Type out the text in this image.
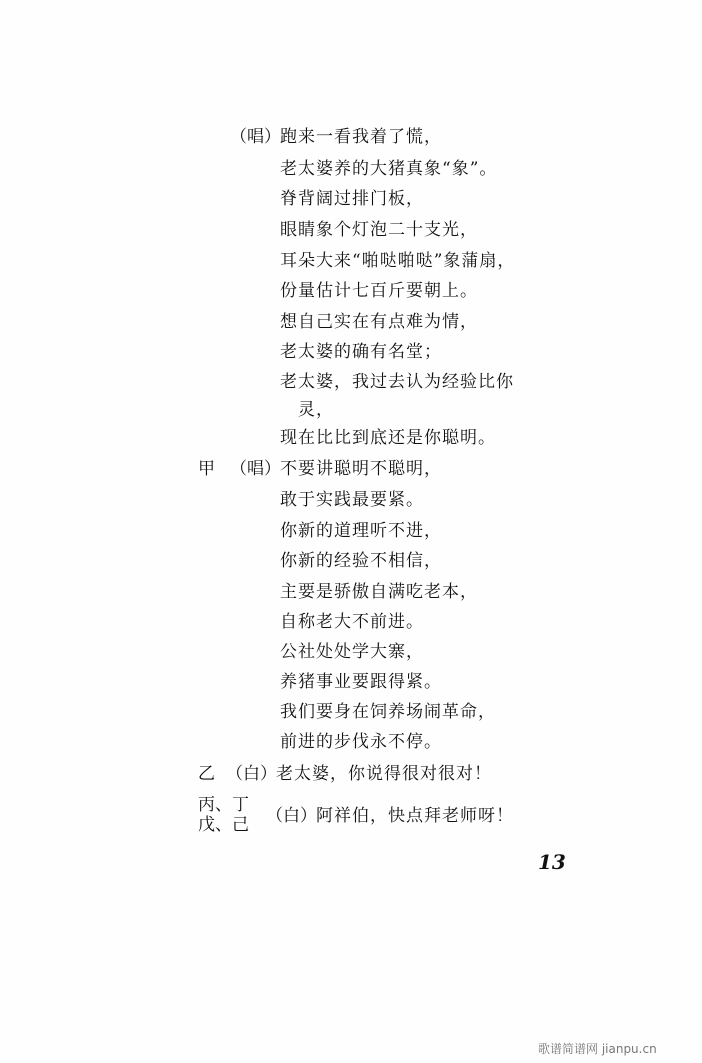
（唱） 跑来一看我着了慌，
老太婆养的大猪真象“象”。
脊背阔过排门板，
眼睛象个灯泡二十支光，
耳朵大来“啪哒啪哒”象蒲扇，
份量估计七百斤要朝上。
想自己实在有点难为情，
老太婆的确有名堂；
老太婆，我过去认为经验比你
灵，
现在比比到底还是你聪明。
甲 （唱） 不要讲聪明不聪明，
敢于实践最要紧。
你新的道理听不进，
你新的经验不相信，
主要是骄傲自满吃老本，
自称老大不前进。
公社处处学大寨，
养猪事业要跟得紧。
我们要身在饲养场闹革命，
前进的步伐永不停。
乙 （白） 老太婆，你说得很对很对！
丙、丁
戊、己 （白） 阿祥伯，快点拜老师呀！
13
歌谱简谱网 jianpu.cn
